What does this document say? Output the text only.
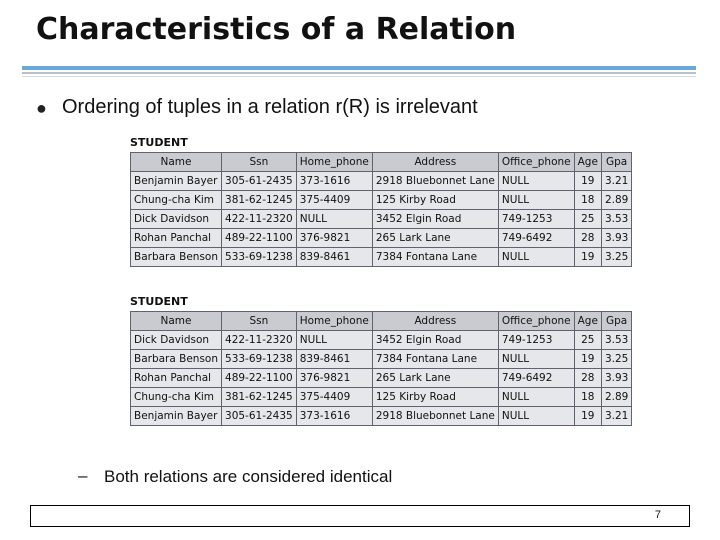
Characteristics of a Relation
● Ordering of tuples in a relation r(R) is irrelevant
STUDENT
Name	Ssn	Home_phone	Address	Office_phone	Age	Gpa
Benjamin Bayer	305-61-2435	373-1616	2918 Bluebonnet Lane	NULL	19	3.21
Chung-cha Kim	381-62-1245	375-4409	125 Kirby Road	NULL	18	2.89
Dick Davidson	422-11-2320	NULL	3452 Elgin Road	749-1253	25	3.53
Rohan Panchal	489-22-1100	376-9821	265 Lark Lane	749-6492	28	3.93
Barbara Benson	533-69-1238	839-8461	7384 Fontana Lane	NULL	19	3.25
STUDENT
Name	Ssn	Home_phone	Address	Office_phone	Age	Gpa
Dick Davidson	422-11-2320	NULL	3452 Elgin Road	749-1253	25	3.53
Barbara Benson	533-69-1238	839-8461	7384 Fontana Lane	NULL	19	3.25
Rohan Panchal	489-22-1100	376-9821	265 Lark Lane	749-6492	28	3.93
Chung-cha Kim	381-62-1245	375-4409	125 Kirby Road	NULL	18	2.89
Benjamin Bayer	305-61-2435	373-1616	2918 Bluebonnet Lane	NULL	19	3.21
– Both relations are considered identical
7
